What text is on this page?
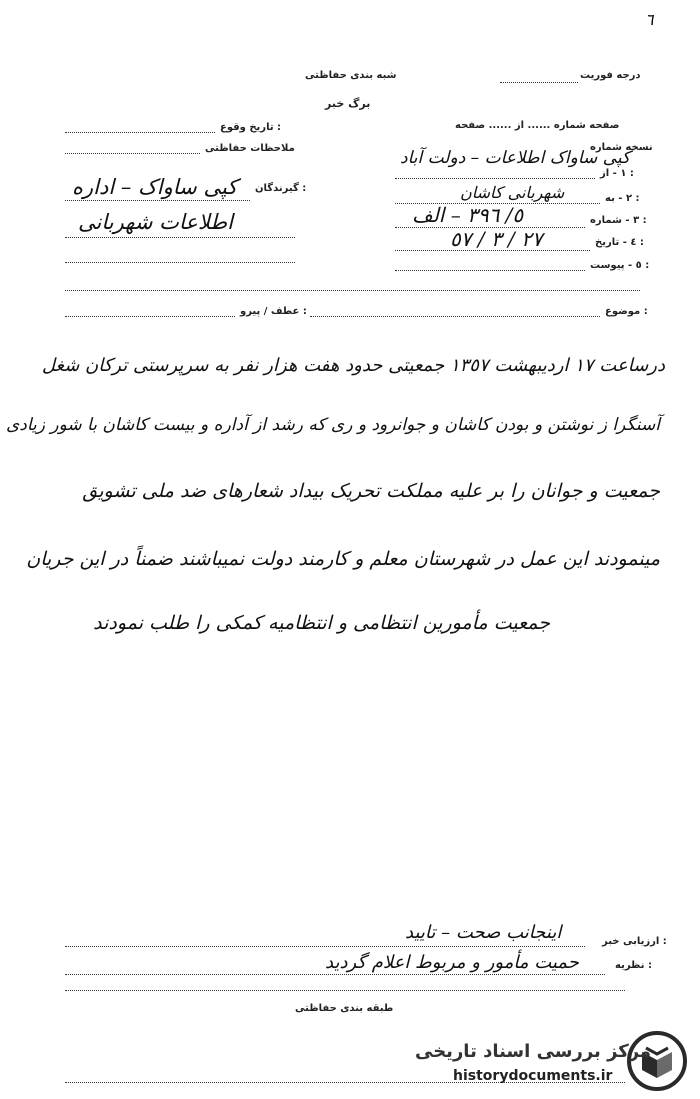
٦
شبه بندی حفاظتی
برگ خبر
درجه فوریت
تاریخ وقوع :
ملاحظات حفاظتی
گیرندگان :
کپی ساواک – اداره
اطلاعات شهربانی
صفحه شماره ...... از ...... صفحه
نسخه شماره
١ - از :
کپی ساواک اطلاعات – دولت آباد
٢ - به :
شهربانی کاشان
٣ - شماره :
٥/ ٣٩٦ – الف
٤ - تاریخ :
٢٧ / ٣ / ٥٧
٥ - پیوست :
عطف / پیرو :	موضوع :
درساعت ١٧ اردیبهشت ١٣٥٧ جمعیتی حدود هفت هزار نفر به سرپرستی ترکان شغل
آسنگرا ز نوشتن و بودن کاشان و جوانرود و ری که رشد از آداره و بیست کاشان با شور زیادی
جمعیت و جوانان را بر علیه مملکت تحریک بیداد شعارهای ضد ملی تشویق
مینمودند این عمل در شهرستان معلم و کارمند دولت نمیباشند ضمناً در این جریان
جمعیت مأمورین انتظامی و انتظامیه کمکی را طلب نمودند
ارزیابی خبر :
اینجانب صحت – تایید
نظریه :
حمیت مأمور و مربوط اعلام گردید
طبقه بندی حفاظتی
مرکز بررسی اسناد تاریخی
historydocuments.ir
